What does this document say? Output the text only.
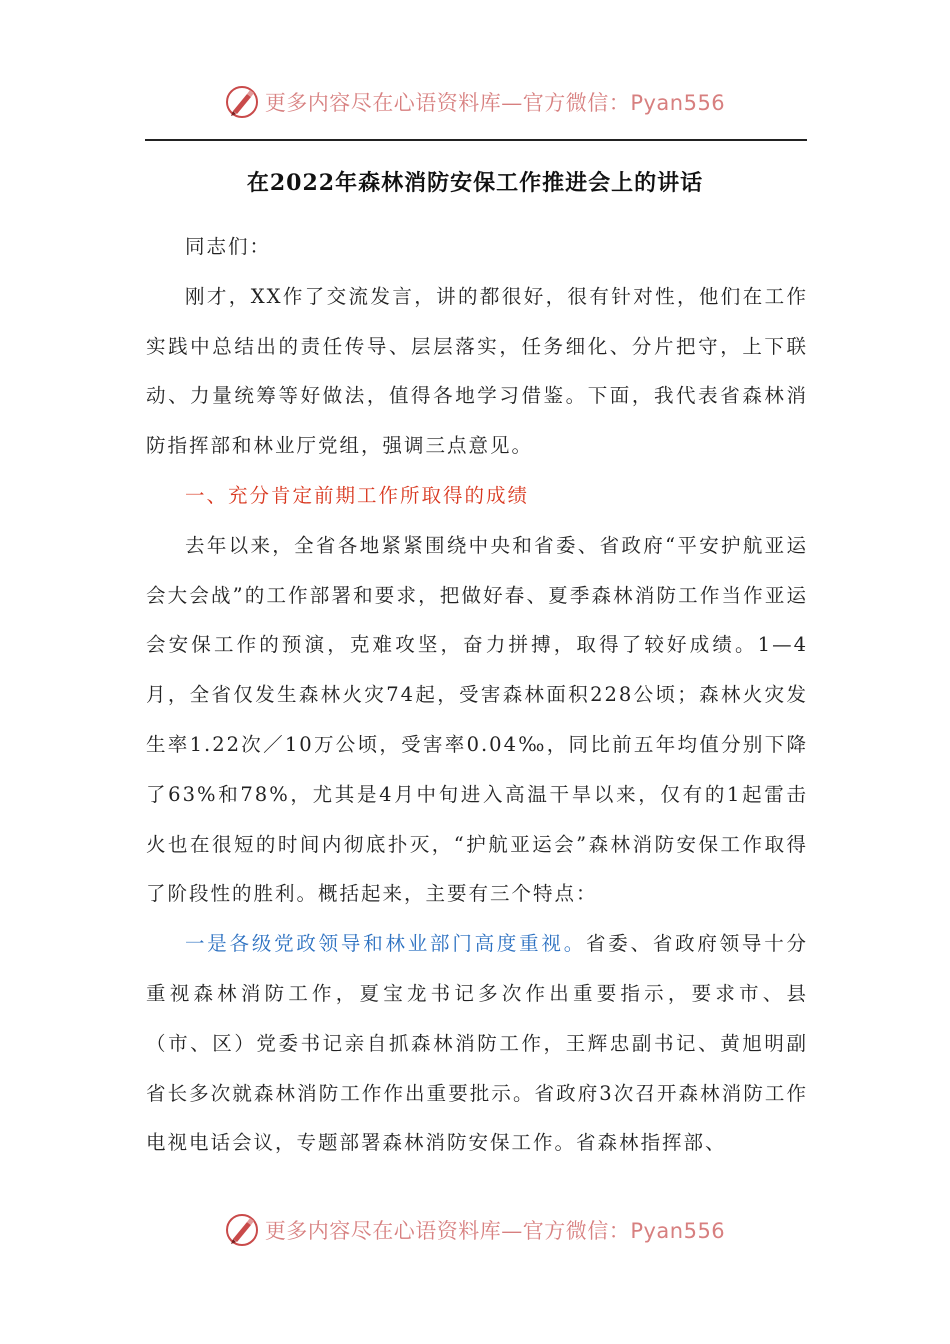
更多内容尽在心语资料库—官方微信：Pyan556
在2022年森林消防安保工作推进会上的讲话

同志们：

刚才，XX作了交流发言，讲的都很好，很有针对性，他们在工作实践中总结出的责任传导、层层落实，任务细化、分片把守，上下联动、力量统筹等好做法，值得各地学习借鉴。下面，我代表省森林消防指挥部和林业厅党组，强调三点意见。

一、充分肯定前期工作所取得的成绩

去年以来，全省各地紧紧围绕中央和省委、省政府“平安护航亚运会大会战”的工作部署和要求，把做好春、夏季森林消防工作当作亚运会安保工作的预演，克难攻坚，奋力拼搏，取得了较好成绩。1—4月，全省仅发生森林火灾74起，受害森林面积228公顷；森林火灾发生率1.22次／10万公顷，受害率0.04‰，同比前五年均值分别下降了63%和78%，尤其是4月中旬进入高温干旱以来，仅有的1起雷击火也在很短的时间内彻底扑灭，“护航亚运会”森林消防安保工作取得了阶段性的胜利。概括起来，主要有三个特点：

一是各级党政领导和林业部门高度重视。省委、省政府领导十分重视森林消防工作，夏宝龙书记多次作出重要指示，要求市、县（市、区）党委书记亲自抓森林消防工作，王辉忠副书记、黄旭明副省长多次就森林消防工作作出重要批示。省政府3次召开森林消防工作电视电话会议，专题部署森林消防安保工作。省森林指挥部、

更多内容尽在心语资料库—官方微信：Pyan556
